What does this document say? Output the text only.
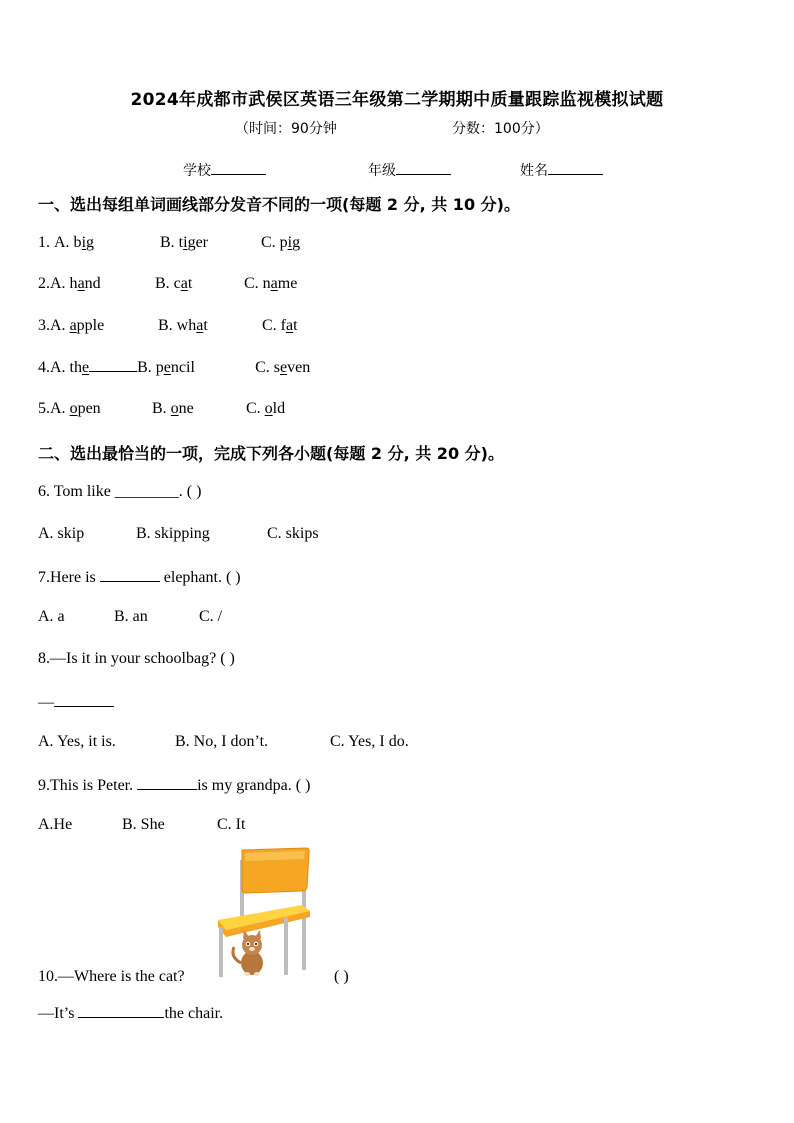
2024年成都市武侯区英语三年级第二学期期中质量跟踪监视模拟试题
（时间：90分钟	分数：100分）
学校	年级	姓名
一、选出每组单词画线部分发音不同的一项(每题 2 分, 共 10 分)。
1. A. big	B. tiger	C. pig
2.A. hand	B. cat	C. name
3.A. apple	B. what	C. fat
4.A. the	B. pencil	C. seven
5.A. open	B. one	C. old
二、选出最恰当的一项，完成下列各小题(每题 2 分, 共 20 分)。
6. Tom like ________. ( )
A. skip	B. skipping	C. skips
7.Here is	elephant. ( )
A. a	B. an	C. /
8.—Is it in your schoolbag? ( )
—
A. Yes, it is.	B. No, I don’t.	C. Yes, I do.
9.This is Peter.	is my grandpa. ( )
A.He	B. She	C. It
10.—Where is the cat?	( )
—It’s	the chair.
